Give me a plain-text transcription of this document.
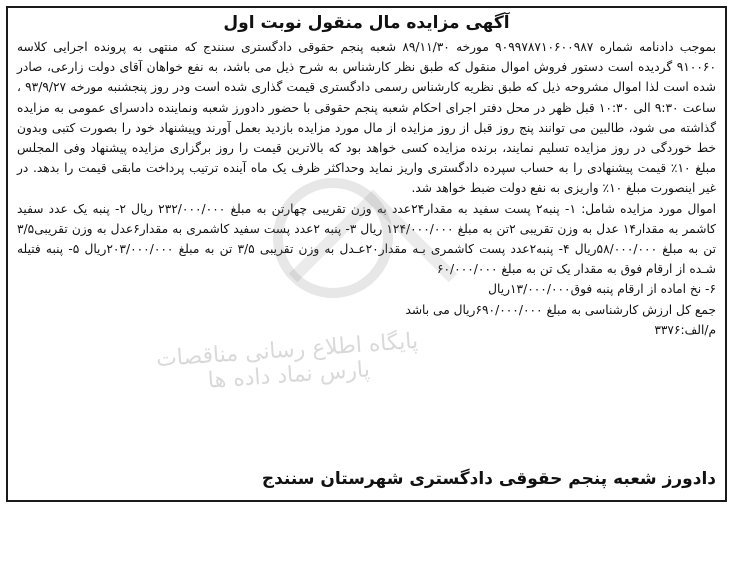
آگهی مزایده مال منقول نوبت اول

بموجب دادنامه شماره ۹۰۹۹۷۸۷۱۰۶۰۰۹۸۷ مورخه ۸۹/۱۱/۳۰ شعبه پنجم حقوقی دادگستری سنندج که منتهی به پرونده اجرایی کلاسه ۹۱۰۰۶۰ گردیده است دستور فروش اموال منقول که طبق نظر کارشناس به شرح ذیل می باشد، به نفع خواهان آقای دولت زارعی، صادر شده است لذا اموال مشروحه ذیل که طبق نظریه کارشناس رسمی دادگستری قیمت گذاری شده است ودر روز پنجشنبه مورخه ۹۳/۹/۲۷ ، ساعت ۹:۳۰ الی ۱۰:۳۰ قبل ظهر در محل دفتر اجرای احکام شعبه پنجم حقوقی با حضور دادورز شعبه ونماینده دادسرای عمومی به مزایده گذاشته می شود، طالبین می توانند پنج روز قبل از روز مزایده از مال مورد مزایده بازدید بعمل آورند وپیشنهاد خود را بصورت کتبی وبدون خط خوردگی در روز مزایده تسلیم نمایند، برنده مزایده کسی خواهد بود که بالاترین قیمت را روز برگزاری مزایده پیشنهاد وفی المجلس مبلغ ۱۰٪ قیمت پیشنهادی را به حساب سپرده دادگستری واریز نماید وحداکثر ظرف یک ماه آینده ترتیب پرداخت مابقی قیمت را بدهد. در غیر اینصورت مبلغ ۱۰٪ واریزی به نفع دولت ضبط خواهد شد.

اموال مورد مزایده شامل: ۱- پنبه۲ پست سفید به مقدار۲۴عدد به وزن تقریبی چهارتن به مبلغ ۲۳۲/۰۰۰/۰۰۰ ریال ۲- پنبه یک عدد سفید کاشمر به مقدار۱۴ عدل به وزن تقریبی ۲تن به مبلغ ۱۲۴/۰۰۰/۰۰۰ ریال ۳- پنبه ۲عدد پست سفید کاشمری به مقدار۶عدل به وزن تقریبی۳/۵ تن به مبلغ ۵۸/۰۰۰/۰۰۰ریال ۴- پنبه۲عدد پست کاشمری بـه مقدار۲۰عـدل به وزن تقریبی ۳/۵ تن به مبلغ ۲۰۳/۰۰۰/۰۰۰ریال ۵- پنبه فتیله شـده از ارقام فوق به مقدار یک تن به مبلغ ۶۰/۰۰۰/۰۰۰

۶- نخ اماده از ارقام پنبه فوق۱۳/۰۰۰/۰۰۰ریال

جمع کل ارزش کارشناسی به مبلغ ۶۹۰/۰۰۰/۰۰۰ریال می باشد

م/الف:۳۳۷۶

پایگاه اطلاع رسانی مناقصات پارس نماد داده ها
دادورز شعبه پنجم حقوقی دادگستری شهرستان سنندج
